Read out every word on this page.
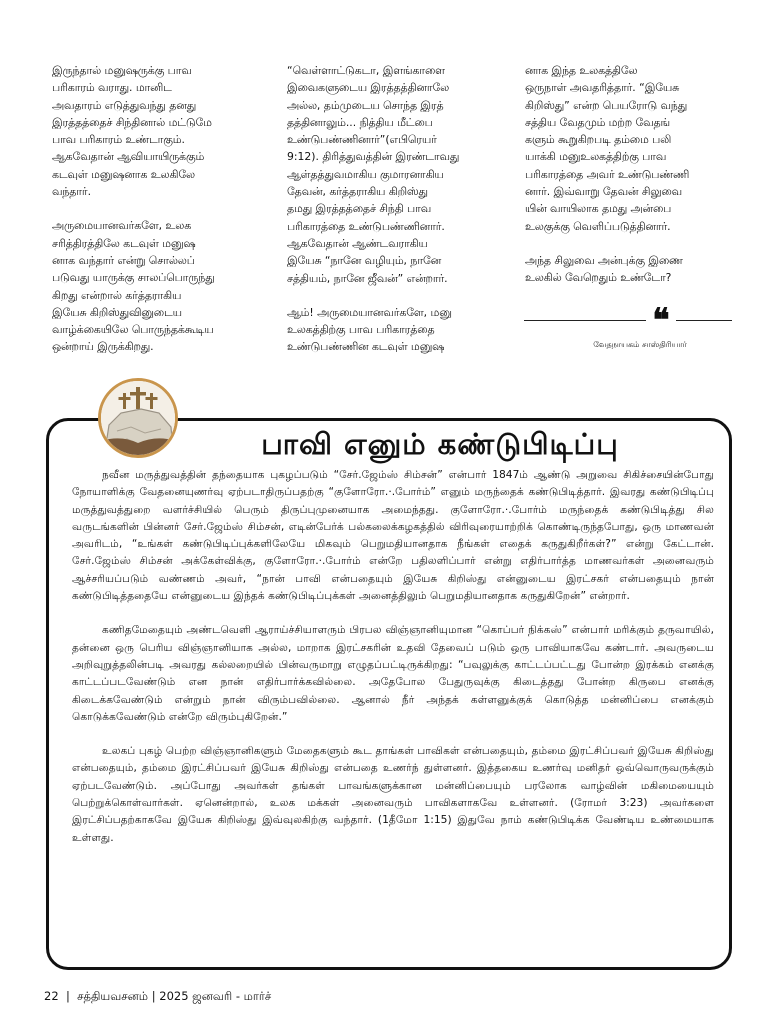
இருந்தால் மனுஷருக்கு பாவ
பரிகாரம் வராது. மானிட
அவதாரம் எடுத்துவந்து தனது
இரத்தத்தைச் சிந்தினால் மட்டுமே
பாவ பரிகாரம் உண்டாகும்.
ஆகவேதான் ஆவியாயிருக்கும்
கடவுள் மனுஷனாக உலகிலே
வந்தார்.

அருமையானவர்களே, உலக
சரித்திரத்திலே கடவுள் மனுஷ
னாக வந்தார் என்று சொல்லப்
படுவது யாருக்கு சாலப்பொருந்து
கிறது என்றால் கர்த்தராகிய
இயேசு கிறிஸ்துவினுடைய
வாழ்க்கையிலே பொருந்தக்கூடிய
ஒன்றாய் இருக்கிறது.

“வெள்ளாட்டுகடா, இளங்காளை
இவைகளுடைய இரத்தத்தினாலே
அல்ல, தம்முடைய சொந்த இரத்
தத்தினாலும்... நித்திய மீட்பை
உண்டுபண்ணினார்”(எபிரெயர்
9:12). திரித்துவத்தின் இரண்டாவது
ஆள்தத்துவமாகிய குமாரனாகிய
தேவன், கர்த்தராகிய கிறிஸ்து
தமது இரத்தத்தைச் சிந்தி பாவ
பரிகாரத்தை உண்டுபண்ணினார்.
ஆகவேதான் ஆண்டவராகிய
இயேசு “நானே வழியும், நானே
சத்தியம், நானே ஜீவன்” என்றார்.

ஆம்! அருமையானவர்களே, மனு
உலகத்திற்கு பாவ பரிகாரத்தை
உண்டுபண்ணின கடவுள் மனுஷ

னாக இந்த உலகத்திலே
ஒருநாள் அவதரித்தார். “இயேசு
கிறிஸ்து” என்ற பெயரோடு வந்து
சத்திய வேதமும் மற்ற வேதங்
களும் கூறுகிறபடி தம்மை பலி
யாக்கி மனுஉலகத்திற்கு பாவ
பரிகாரத்தை அவர் உண்டுபண்ணி
னார். இவ்வாறு தேவன் சிலுவை
யின் வாயிலாக தமது அன்பை
உலகுக்கு வெளிப்படுத்தினார்.

அந்த சிலுவை அன்புக்கு இணை
உலகில் வேறெதும் உண்டோ?

❝
வேதநாயகம் சாஸ்திரியார்
பாவி எனும் கண்டுபிடிப்பு

நவீன மருத்துவத்தின் தந்தையாக புகழப்படும் “சேர்.ஜேம்ஸ் சிம்சன்” என்பார் 1847ம் ஆண்டு அறுவை சிகிச்சையின்போது நோயாளிக்கு வேதனையுணர்வு ஏற்படாதிருப்பதற்கு “குளோரோ.·.போர்ம்” எனும் மருந்தைக் கண்டுபிடித்தார். இவரது கண்டுபிடிப்பு மருத்துவத்துறை வளர்ச்சியில் பெரும் திருப்புமுனையாக அமைந்தது. குளோரோ.·.போர்ம் மருந்தைக் கண்டுபிடித்து சில வருடங்களின் பின்னர் சேர்.ஜேம்ஸ் சிம்சன், எடின்பேர்க் பல்கலைக்கழகத்தில் விரிவுரையாற்றிக் கொண்டிருந்தபோது, ஒரு மாணவன் அவரிடம், “உங்கள் கண்டுபிடிப்புக்களிலேயே மிகவும் பெறுமதியானதாக நீங்கள் எதைக் கருதுகிறீர்கள்?” என்று கேட்டான். சேர்.ஜேம்ஸ் சிம்சன் அக்கேள்விக்கு, குளோரோ.·.போர்ம் என்றே பதிலளிப்பார் என்று எதிர்பார்த்த மாணவர்கள் அனைவரும் ஆச்சரியப்படும் வண்ணம் அவர், “நான் பாவி என்பதையும் இயேசு கிறிஸ்து என்னுடைய இரட்சகர் என்பதையும் நான் கண்டுபிடித்ததையே என்னுடைய இந்தக் கண்டுபிடிப்புக்கள் அனைத்திலும் பெறுமதியானதாக கருதுகிறேன்” என்றார்.

கணிதமேதையும் அண்டவெளி ஆராய்ச்சியாளரும் பிரபல விஞ்ஞானியுமான “கொப்பர் நிக்கஸ்” என்பார் மரிக்கும் தருவாயில், தன்னை ஒரு பெரிய விஞ்ஞானியாக அல்ல, மாறாக இரட்சகரின் உதவி தேவைப் படும் ஒரு பாவியாகவே கண்டார். அவருடைய அறிவுறுத்தலின்படி அவரது கல்லறையில் பின்வருமாறு எழுதப்பட்டிருக்கிறது: “பவுலுக்கு காட்டப்பட்டது போன்ற இரக்கம் எனக்கு காட்டப்படவேண்டும் என நான் எதிர்பார்க்கவில்லை. அதேபோல பேதுருவுக்கு கிடைத்தது போன்ற கிருபை எனக்கு கிடைக்கவேண்டும் என்றும் நான் விரும்பவில்லை. ஆனால் நீர் அந்தக் கள்ளனுக்குக் கொடுத்த மன்னிப்பை எனக்கும் கொடுக்கவேண்டும் என்றே விரும்புகிறேன்.”

உலகப் புகழ் பெற்ற விஞ்ஞானிகளும் மேதைகளும் கூட தாங்கள் பாவிகள் என்பதையும், தம்மை இரட்சிப்பவர் இயேசு கிறிஸ்து என்பதையும், தம்மை இரட்சிப்பவர் இயேசு கிறிஸ்து என்பதை உணர்ந் துள்ளனர். இத்தகைய உணர்வு மனிதர் ஒவ்வொருவருக்கும் ஏற்படவேண்டும். அப்போது அவர்கள் தங்கள் பாவங்களுக்கான மன்னிப்பையும் பரலோக வாழ்வின் மகிமையையும் பெற்றுக்கொள்வார்கள். ஏனென்றால், உலக மக்கள் அனைவரும் பாவிகளாகவே உள்ளனர். (ரோமர் 3:23) அவர்களை இரட்சிப்பதற்காகவே இயேசு கிறிஸ்து இவ்வுலகிற்கு வந்தார். (1தீமோ 1:15) இதுவே நாம் கண்டுபிடிக்க வேண்டிய உண்மையாக உள்ளது.

22 | சத்தியவசனம் | 2025 ஜனவரி - மார்ச்
